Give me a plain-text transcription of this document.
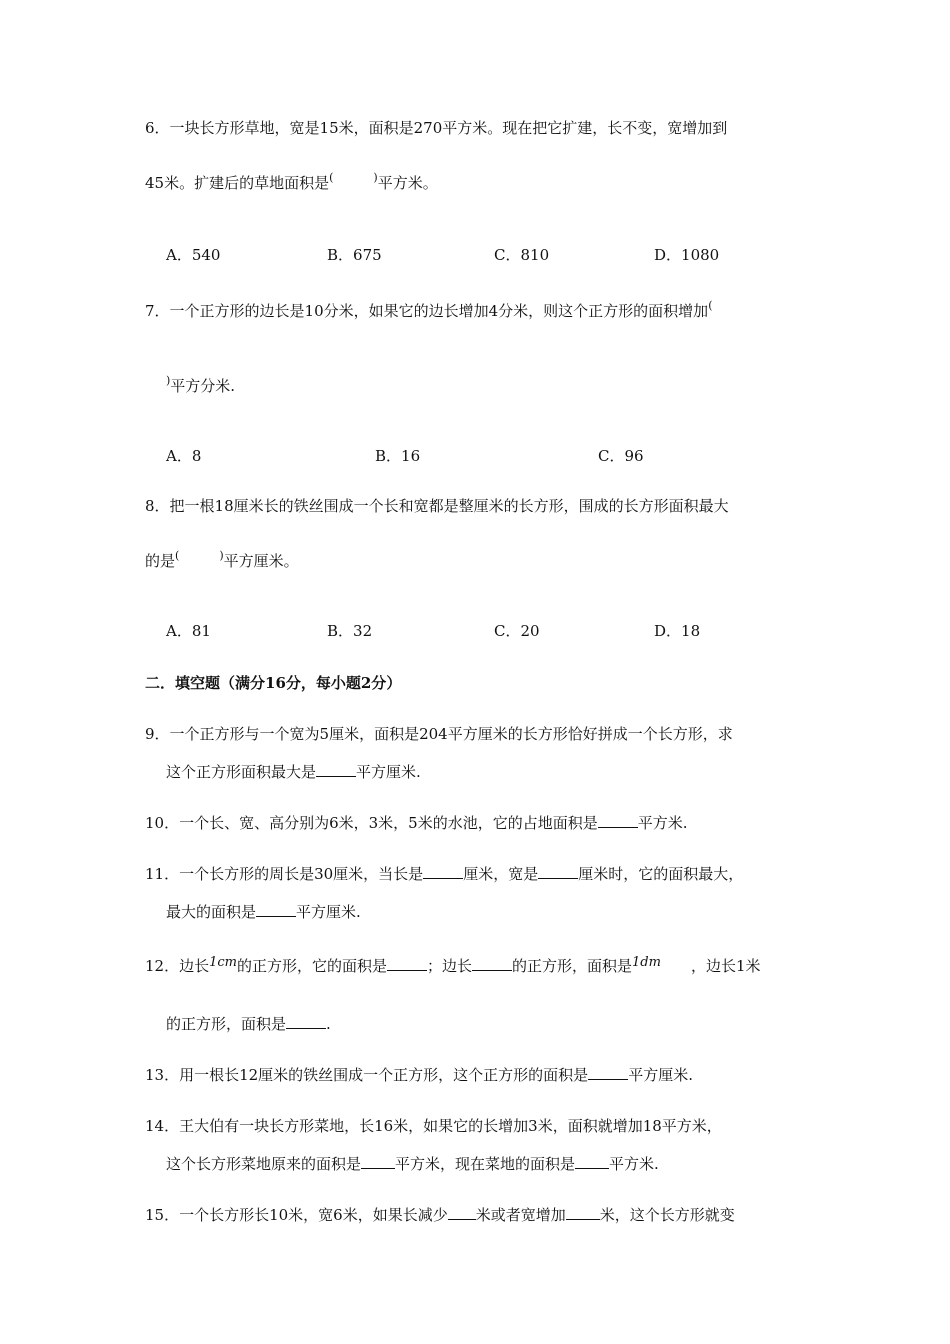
6．一块长方形草地，宽是15米，面积是270平方米。现在把它扩建，长不变，宽增加到
45米。扩建后的草地面积是(	)平方米。
A．540	B．675	C．810	D．1080
7．一个正方形的边长是10分米，如果它的边长增加4分米，则这个正方形的面积增加(
)平方分米.
A．8	B．16	C．96
8．把一根18厘米长的铁丝围成一个长和宽都是整厘米的长方形，围成的长方形面积最大
的是(	)平方厘米。
A．81	B．32	C．20	D．18
二．填空题（满分16分，每小题2分）
9．一个正方形与一个宽为5厘米，面积是204平方厘米的长方形恰好拼成一个长方形，求
这个正方形面积最大是	平方厘米.
10．一个长、宽、高分别为6米，3米，5米的水池，它的占地面积是	平方米.
11．一个长方形的周长是30厘米，当长是	厘米，宽是	厘米时，它的面积最大，
最大的面积是	平方厘米.
12．边长1cm的正方形，它的面积是	；边长	的正方形，面积是1dm ，边长1米
的正方形，面积是	.
13．用一根长12厘米的铁丝围成一个正方形，这个正方形的面积是	平方厘米.
14．王大伯有一块长方形菜地，长16米，如果它的长增加3米，面积就增加18平方米，
这个长方形菜地原来的面积是 平方米，现在菜地的面积是 平方米.
15．一个长方形长10米，宽6米，如果长减少 米或者宽增加 米，这个长方形就变
